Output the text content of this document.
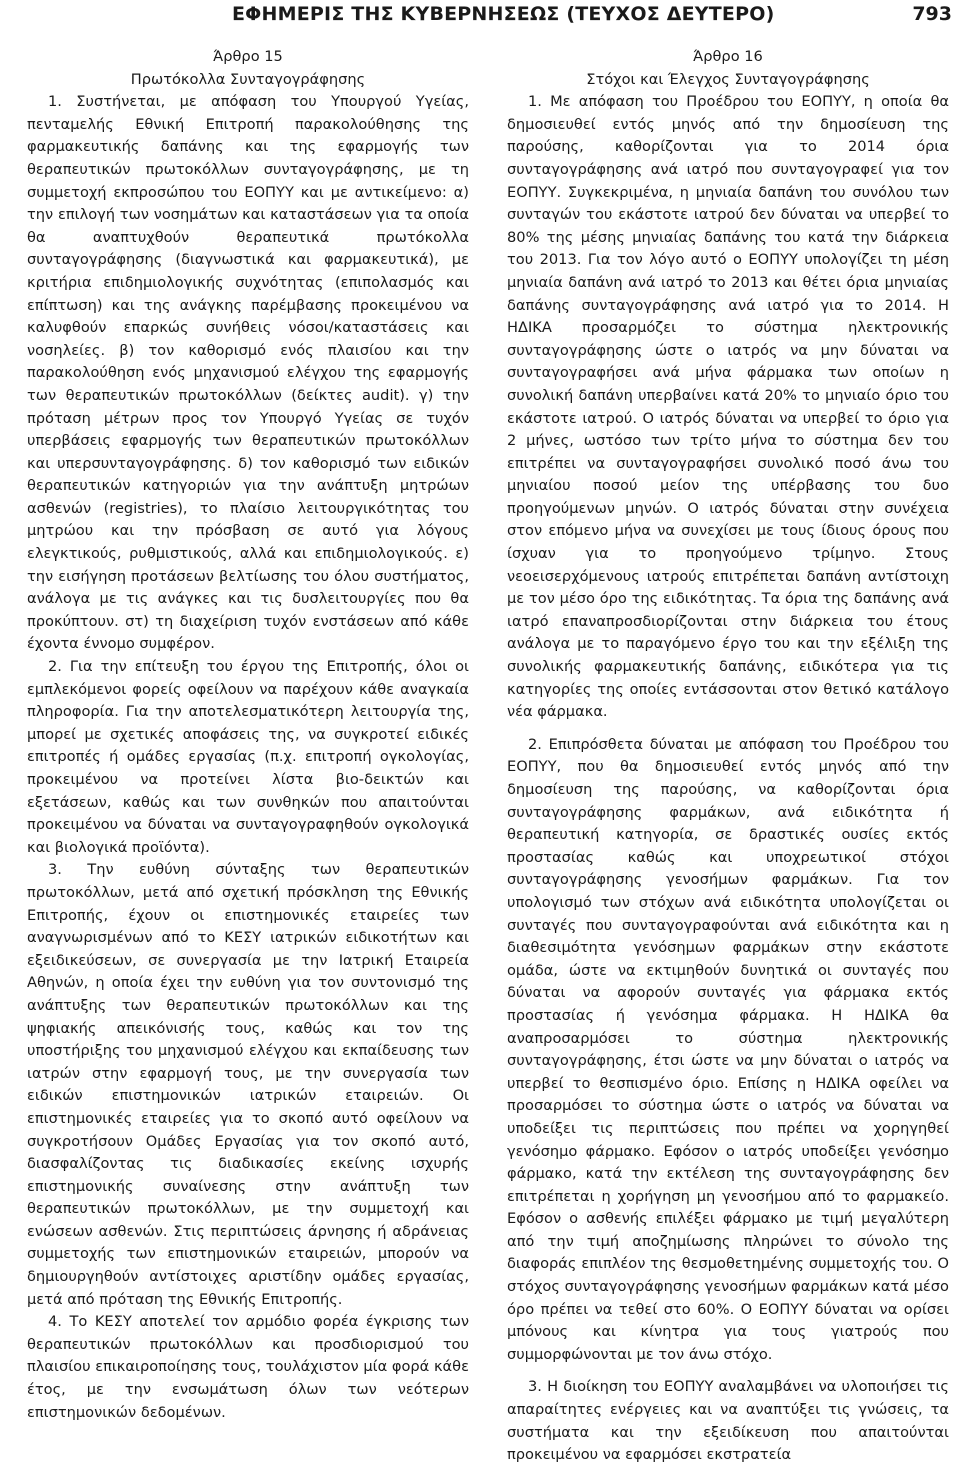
ΕΦΗΜΕΡΙΣ ΤΗΣ ΚΥΒΕΡΝΗΣΕΩΣ (ΤΕΥΧΟΣ ΔΕΥΤΕΡΟ)	793
Άρθρο 15
Πρωτόκολλα Συνταγογράφησης

1. Συστήνεται, με απόφαση του Υπουργού Υγείας, πενταμελής Εθνική Επιτροπή παρακολούθησης της φαρμακευτικής δαπάνης και της εφαρμογής των θεραπευτικών πρωτοκόλλων συνταγογράφησης, με τη συμμετοχή εκπροσώπου του ΕΟΠΥΥ και με αντικείμενο: α) την επιλογή των νοσημάτων και καταστάσεων για τα οποία θα αναπτυχθούν θεραπευτικά πρωτόκολλα συνταγογράφησης (διαγνωστικά και φαρμακευτικά), με κριτήρια επιδημιολογικής συχνότητας (επιπολασμός και επίπτωση) και της ανάγκης παρέμβασης προκειμένου να καλυφθούν επαρκώς συνήθεις νόσοι/καταστάσεις και νοσηλείες. β) τον καθορισμό ενός πλαισίου και την παρακολούθηση ενός μηχανισμού ελέγχου της εφαρμογής των θεραπευτικών πρωτοκόλλων (δείκτες audit). γ) την πρόταση μέτρων προς τον Υπουργό Υγείας σε τυχόν υπερβάσεις εφαρμογής των θεραπευτικών πρωτοκόλλων και υπερσυνταγογράφησης. δ) τον καθορισμό των ειδικών θεραπευτικών κατηγοριών για την ανάπτυξη μητρώων ασθενών (registries), το πλαίσιο λειτουργικότητας του μητρώου και την πρόσβαση σε αυτό για λόγους ελεγκτικούς, ρυθμιστικούς, αλλά και επιδημιολογικούς. ε) την εισήγηση προτάσεων βελτίωσης του όλου συστήματος, ανάλογα με τις ανάγκες και τις δυσλειτουργίες που θα προκύπτουν. στ) τη διαχείριση τυχόν ενστάσεων από κάθε έχοντα έννομο συμφέρον.

2. Για την επίτευξη του έργου της Επιτροπής, όλοι οι εμπλεκόμενοι φορείς οφείλουν να παρέχουν κάθε αναγκαία πληροφορία. Για την αποτελεσματικότερη λειτουργία της, μπορεί με σχετικές αποφάσεις της, να συγκροτεί ειδικές επιτροπές ή ομάδες εργασίας (π.χ. επιτροπή ογκολογίας, προκειμένου να προτείνει λίστα βιο-δεικτών και εξετάσεων, καθώς και των συνθηκών που απαιτούνται προκειμένου να δύναται να συνταγογραφηθούν ογκολογικά και βιολογικά προϊόντα).

3. Την ευθύνη σύνταξης των θεραπευτικών πρωτοκόλλων, μετά από σχετική πρόσκληση της Εθνικής Επιτροπής, έχουν οι επιστημονικές εταιρείες των αναγνωρισμένων από το ΚΕΣΥ ιατρικών ειδικοτήτων και εξειδικεύσεων, σε συνεργασία με την Ιατρική Εταιρεία Αθηνών, η οποία έχει την ευθύνη για τον συντονισμό της ανάπτυξης των θεραπευτικών πρωτοκόλλων και της ψηφιακής απεικόνισής τους, καθώς και τον της υποστήριξης του μηχανισμού ελέγχου και εκπαίδευσης των ιατρών στην εφαρμογή τους, με την συνεργασία των ειδικών επιστημονικών ιατρικών εταιρειών. Οι επιστημονικές εταιρείες για το σκοπό αυτό οφείλουν να συγκροτήσουν Ομάδες Εργασίας για τον σκοπό αυτό, διασφαλίζοντας τις διαδικασίες εκείνης ισχυρής επιστημονικής συναίνεσης στην ανάπτυξη των θεραπευτικών πρωτοκόλλων, με την συμμετοχή και ενώσεων ασθενών. Στις περιπτώσεις άρνησης ή αδράνειας συμμετοχής των επιστημονικών εταιρειών, μπορούν να δημιουργηθούν αντίστοιχες αριστίδην ομάδες εργασίας, μετά από πρόταση της Εθνικής Επιτροπής.

4. Το ΚΕΣΥ αποτελεί τον αρμόδιο φορέα έγκρισης των θεραπευτικών πρωτοκόλλων και προσδιορισμού του πλαισίου επικαιροποίησης τους, τουλάχιστον μία φορά κάθε έτος, με την ενσωμάτωση όλων των νεότερων επιστημονικών δεδομένων.

Άρθρο 16
Στόχοι και Έλεγχος Συνταγογράφησης

1. Με απόφαση του Προέδρου του ΕΟΠΥΥ, η οποία θα δημοσιευθεί εντός μηνός από την δημοσίευση της παρούσης, καθορίζονται για το 2014 όρια συνταγογράφησης ανά ιατρό που συνταγογραφεί για τον ΕΟΠΥΥ. Συγκεκριμένα, η μηνιαία δαπάνη του συνόλου των συνταγών του εκάστοτε ιατρού δεν δύναται να υπερβεί το 80% της μέσης μηνιαίας δαπάνης του κατά την διάρκεια του 2013. Για τον λόγο αυτό ο ΕΟΠΥΥ υπολογίζει τη μέση μηνιαία δαπάνη ανά ιατρό το 2013 και θέτει όρια μηνιαίας δαπάνης συνταγογράφησης ανά ιατρό για το 2014. Η ΗΔΙΚΑ προσαρμόζει το σύστημα ηλεκτρονικής συνταγογράφησης ώστε ο ιατρός να μην δύναται να συνταγογραφήσει ανά μήνα φάρμακα των οποίων η συνολική δαπάνη υπερβαίνει κατά 20% το μηνιαίο όριο του εκάστοτε ιατρού. Ο ιατρός δύναται να υπερβεί το όριο για 2 μήνες, ωστόσο των τρίτο μήνα το σύστημα δεν του επιτρέπει να συνταγογραφήσει συνολικό ποσό άνω του μηνιαίου ποσού μείον της υπέρβασης του δυο προηγούμενων μηνών. Ο ιατρός δύναται στην συνέχεια στον επόμενο μήνα να συνεχίσει με τους ίδιους όρους που ίσχυαν για το προηγούμενο τρίμηνο. Στους νεοεισερχόμενους ιατρούς επιτρέπεται δαπάνη αντίστοιχη με τον μέσο όρο της ειδικότητας. Τα όρια της δαπάνης ανά ιατρό επαναπροσδιορίζονται στην διάρκεια του έτους ανάλογα με το παραγόμενο έργο του και την εξέλιξη της συνολικής φαρμακευτικής δαπάνης, ειδικότερα για τις κατηγορίες της οποίες εντάσσονται στον θετικό κατάλογο νέα φάρμακα.

2. Επιπρόσθετα δύναται με απόφαση του Προέδρου του ΕΟΠΥΥ, που θα δημοσιευθεί εντός μηνός από την δημοσίευση της παρούσης, να καθορίζονται όρια συνταγογράφησης φαρμάκων, ανά ειδικότητα ή θεραπευτική κατηγορία, σε δραστικές ουσίες εκτός προστασίας καθώς και υποχρεωτικοί στόχοι συνταγογράφησης γενοσήμων φαρμάκων. Για τον υπολογισμό των στόχων ανά ειδικότητα υπολογίζεται οι συνταγές που συνταγογραφούνται ανά ειδικότητα και η διαθεσιμότητα γενόσημων φαρμάκων στην εκάστοτε ομάδα, ώστε να εκτιμηθούν δυνητικά οι συνταγές που δύναται να αφορούν συνταγές για φάρμακα εκτός προστασίας ή γενόσημα φάρμακα. Η ΗΔΙΚΑ θα αναπροσαρμόσει το σύστημα ηλεκτρονικής συνταγογράφησης, έτσι ώστε να μην δύναται ο ιατρός να υπερβεί το θεσπισμένο όριο. Επίσης η ΗΔΙΚΑ οφείλει να προσαρμόσει το σύστημα ώστε ο ιατρός να δύναται να υποδείξει τις περιπτώσεις που πρέπει να χορηγηθεί γενόσημο φάρμακο. Εφόσον ο ιατρός υποδείξει γενόσημο φάρμακο, κατά την εκτέλεση της συνταγογράφησης δεν επιτρέπεται η χορήγηση μη γενοσήμου από το φαρμακείο. Εφόσον ο ασθενής επιλέξει φάρμακο με τιμή μεγαλύτερη από την τιμή αποζημίωσης πληρώνει το σύνολο της διαφοράς επιπλέον της θεσμοθετημένης συμμετοχής του. Ο στόχος συνταγογράφησης γενοσήμων φαρμάκων κατά μέσο όρο πρέπει να τεθεί στο 60%. Ο ΕΟΠΥΥ δύναται να ορίσει μπόνους και κίνητρα για τους γιατρούς που συμμορφώνονται με τον άνω στόχο.

3. Η διοίκηση του ΕΟΠΥΥ αναλαμβάνει να υλοποιήσει τις απαραίτητες ενέργειες και να αναπτύξει τις γνώσεις, τα συστήματα και την εξειδίκευση που απαιτούνται προκειμένου να εφαρμόσει εκστρατεία
